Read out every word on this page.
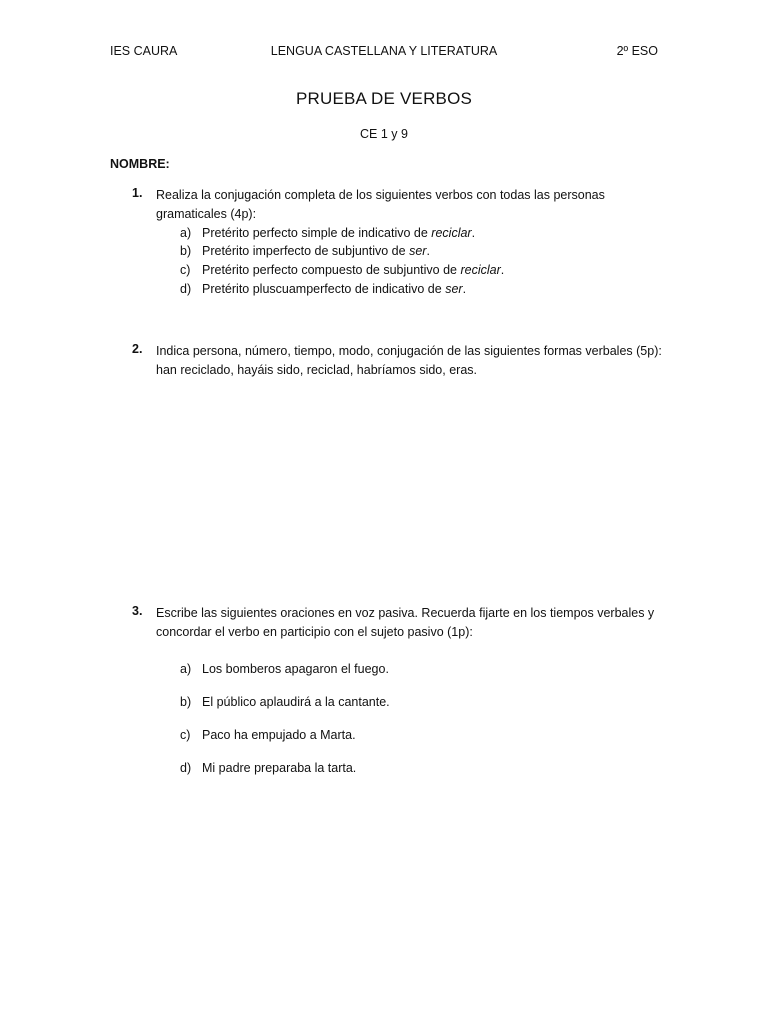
LENGUA CASTELLANA Y LITERATURA
IES CAURA	2º ESO
PRUEBA DE VERBOS
CE 1 y 9
NOMBRE:
1. Realiza la conjugación completa de los siguientes verbos con todas las personas gramaticales (4p):
a) Pretérito perfecto simple de indicativo de reciclar.
b) Pretérito imperfecto de subjuntivo de ser.
c) Pretérito perfecto compuesto de subjuntivo de reciclar.
d) Pretérito pluscuamperfecto de indicativo de ser.
2. Indica persona, número, tiempo, modo, conjugación de las siguientes formas verbales (5p): han reciclado, hayáis sido, reciclad, habríamos sido, eras.
3. Escribe las siguientes oraciones en voz pasiva. Recuerda fijarte en los tiempos verbales y concordar el verbo en participio con el sujeto pasivo (1p):
a) Los bomberos apagaron el fuego.
b) El público aplaudirá a la cantante.
c) Paco ha empujado a Marta.
d) Mi padre preparaba la tarta.
